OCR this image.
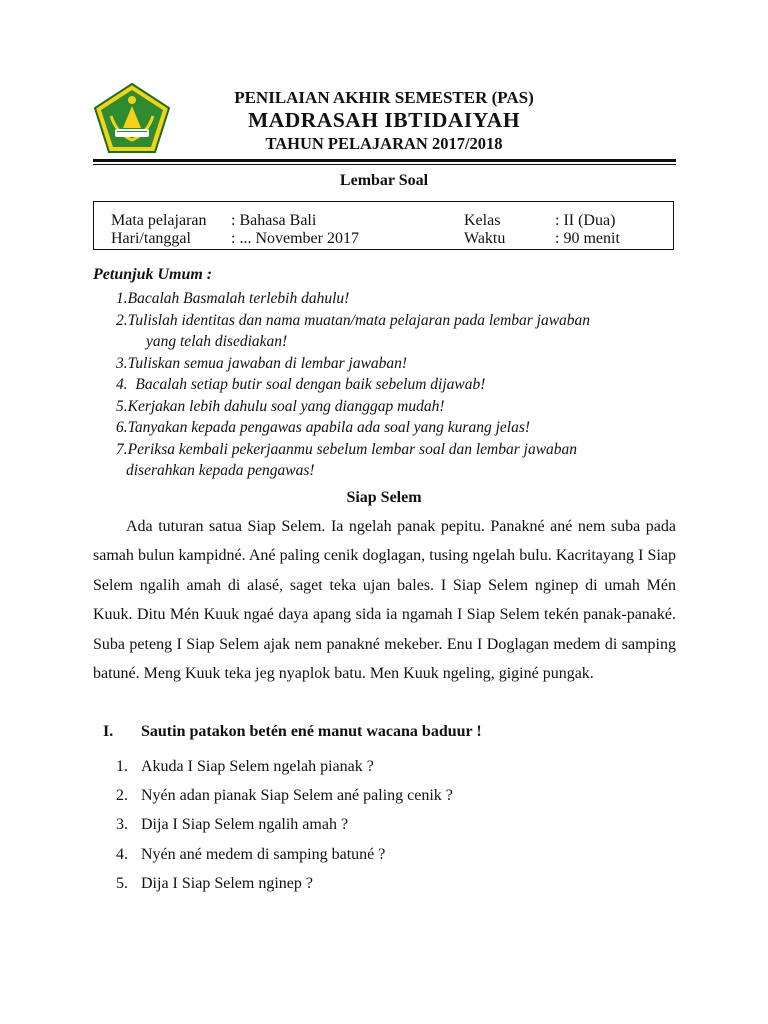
PENILAIAN AKHIR SEMESTER (PAS)
MADRASAH IBTIDAIYAH
TAHUN PELAJARAN 2017/2018
Lembar Soal
Mata pelajaran : Bahasa Bali	Kelas	: II (Dua)
Hari/tanggal	: ... November 2017	Waktu	: 90 menit
Petunjuk Umum :
1.Bacalah Basmalah terlebih dahulu!
2.Tulislah identitas dan nama muatan/mata pelajaran pada lembar jawaban
yang telah disediakan!
3.Tuliskan semua jawaban di lembar jawaban!
4.  Bacalah setiap butir soal dengan baik sebelum dijawab!
5.Kerjakan lebih dahulu soal yang dianggap mudah!
6.Tanyakan kepada pengawas apabila ada soal yang kurang jelas!
7.Periksa kembali pekerjaanmu sebelum lembar soal dan lembar jawaban
diserahkan kepada pengawas!
Siap Selem

Ada tuturan satua Siap Selem. Ia ngelah panak pepitu. Panakné ané nem suba pada samah bulun kampidné. Ané paling cenik doglagan, tusing ngelah bulu. Kacritayang I Siap Selem ngalih amah di alasé, saget teka ujan bales. I Siap Selem nginep di umah Mén Kuuk. Ditu Mén Kuuk ngaé daya apang sida ia ngamah I Siap Selem tekén panak-panaké. Suba peteng I Siap Selem ajak nem panakné mekeber. Enu I Doglagan medem di samping batuné. Meng Kuuk teka jeg nyaplok batu. Men Kuuk ngeling, giginé pungak.

I. Sautin patakon betén ené manut wacana baduur !
1. Akuda I Siap Selem ngelah pianak ?
2. Nyén adan pianak Siap Selem ané paling cenik ?
3. Dija I Siap Selem ngalih amah ?
4. Nyén ané medem di samping batuné ?
5. Dija I Siap Selem nginep ?
